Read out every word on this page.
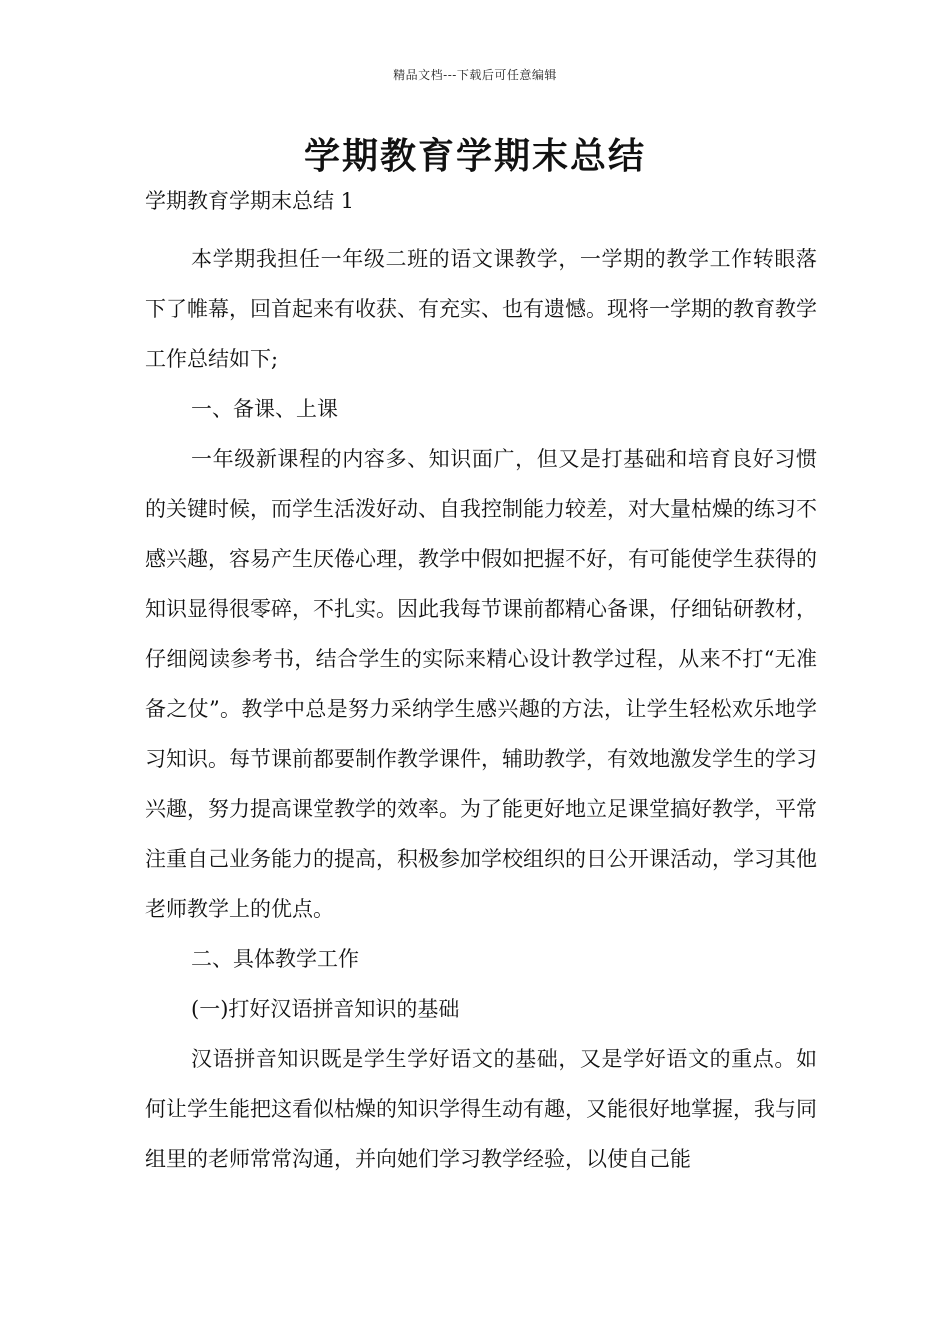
精品文档---下载后可任意编辑
学期教育学期末总结
学期教育学期末总结 1

本学期我担任一年级二班的语文课教学，一学期的教学工作转眼落下了帷幕，回首起来有收获、有充实、也有遗憾。现将一学期的教育教学工作总结如下;

一、备课、上课

一年级新课程的内容多、知识面广，但又是打基础和培育良好习惯的关键时候，而学生活泼好动、自我控制能力较差，对大量枯燥的练习不感兴趣，容易产生厌倦心理，教学中假如把握不好，有可能使学生获得的知识显得很零碎，不扎实。因此我每节课前都精心备课，仔细钻研教材，仔细阅读参考书，结合学生的实际来精心设计教学过程，从来不打“无准备之仗”。教学中总是努力采纳学生感兴趣的方法，让学生轻松欢乐地学习知识。每节课前都要制作教学课件，辅助教学，有效地激发学生的学习兴趣，努力提高课堂教学的效率。为了能更好地立足课堂搞好教学，平常注重自己业务能力的提高，积极参加学校组织的日公开课活动，学习其他老师教学上的优点。

二、具体教学工作

(一)打好汉语拼音知识的基础

汉语拼音知识既是学生学好语文的基础，又是学好语文的重点。如何让学生能把这看似枯燥的知识学得生动有趣，又能很好地掌握，我与同组里的老师常常沟通，并向她们学习教学经验，以使自己能
